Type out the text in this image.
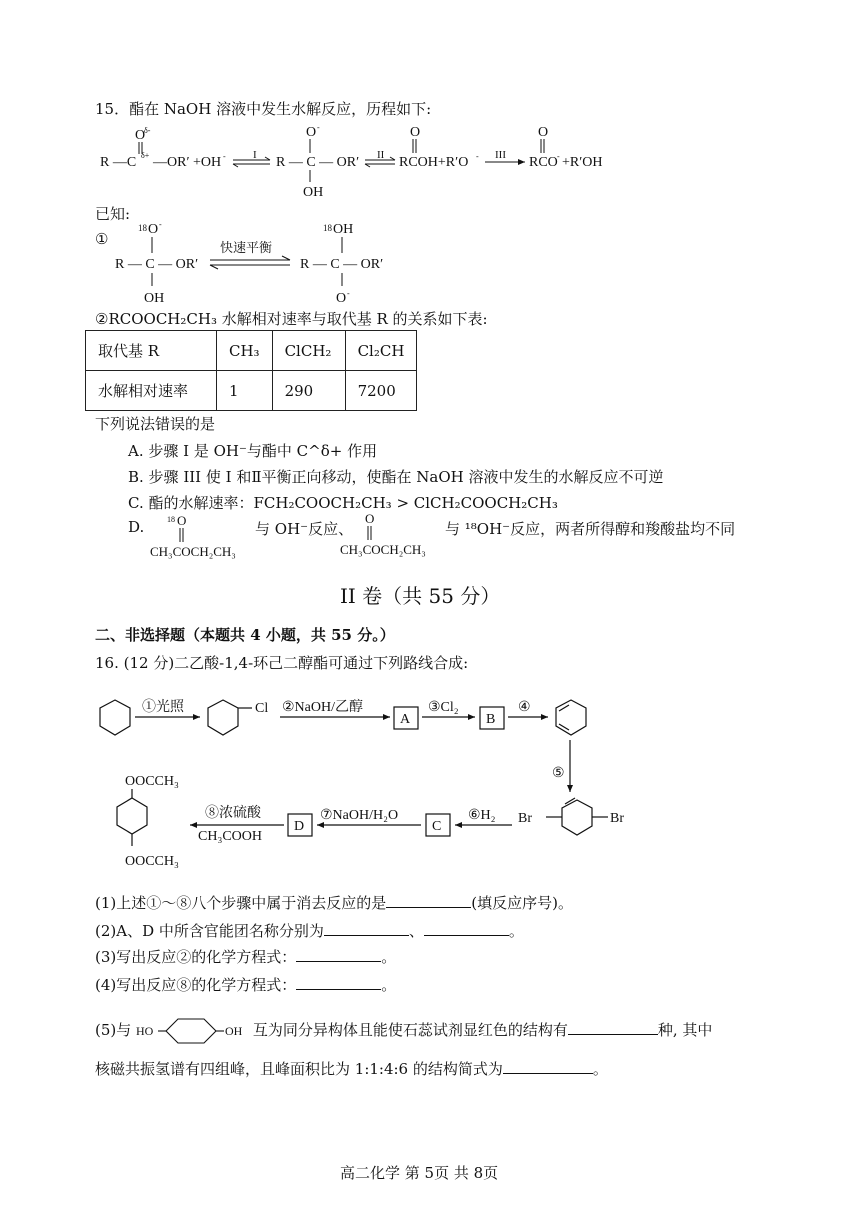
15．酯在 NaOH 溶液中发生水解反应，历程如下:
R —C δ+ —OR′ +OH -
O
δ-
I R — C — OR′
O -
OH
II RCOH+R′O -
O
III RCO - +R′OH
O
已知:
①
18 O -
R — C — OR′
OH
快速平衡
18 OH
R — C — OR′
O -
②RCOOCH₂CH₃ 水解相对速率与取代基 R 的关系如下表:
取代基 R	CH₃	ClCH₂	Cl₂CH
水解相对速率	1	290	7200
下列说法错误的是
A. 步骤 I 是 OH⁻与酯中 C^δ+ 作用
B. 步骤 III 使 I 和Ⅱ平衡正向移动，使酯在 NaOH 溶液中发生的水解反应不可逆
C. 酯的水解速率：FCH₂COOCH₂CH₃ > ClCH₂COOCH₂CH₃
D.	18 O
CH₃COCH₂CH₃
与 OH⁻反应、
O
CH₃COCH₂CH₃
与 ¹⁸OH⁻反应，两者所得醇和羧酸盐均不同
II 卷（共 55 分）
二、非选择题（本题共 4 小题，共 55 分。）
16. (12 分)二乙酸-1,4-环己二醇酯可通过下列路线合成:
①光照	Cl ②NaOH/乙醇
A
③Cl₂
B
④
⑤
Br
Br
⑥H₂
C
⑦NaOH/H₂O
D
⑧浓硫酸
CH₃COOH
OOCCH₃
OOCCH₃
(1)上述①～⑧八个步骤中属于消去反应的是	(填反应序号)。
(2)A、D 中所含官能团名称分别为	、	。
(3)写出反应②的化学方程式：	。
(4)写出反应⑧的化学方程式：	。
(5)与 HO	OH 互为同分异构体且能使石蕊试剂显红色的结构有	种, 其中
核磁共振氢谱有四组峰，且峰面积比为 1:1:4:6 的结构简式为	。
高二化学 第 5页 共 8页
